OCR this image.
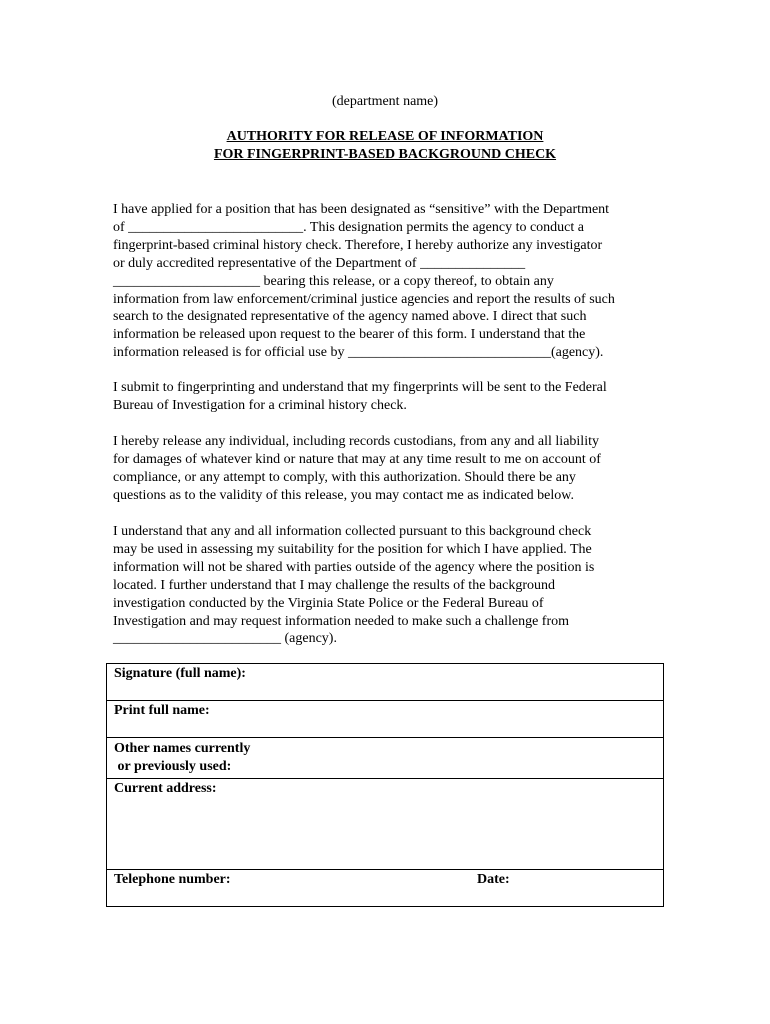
(department name)
AUTHORITY FOR RELEASE OF INFORMATION
FOR FINGERPRINT-BASED BACKGROUND CHECK
I have applied for a position that has been designated as “sensitive” with the Department
of _________________________. This designation permits the agency to conduct a
fingerprint-based criminal history check. Therefore, I hereby authorize any investigator
or duly accredited representative of the Department of _______________
_____________________ bearing this release, or a copy thereof, to obtain any
information from law enforcement/criminal justice agencies and report the results of such
search to the designated representative of the agency named above. I direct that such
information be released upon request to the bearer of this form. I understand that the
information released is for official use by _____________________________(agency).
I submit to fingerprinting and understand that my fingerprints will be sent to the Federal
Bureau of Investigation for a criminal history check.
I hereby release any individual, including records custodians, from any and all liability
for damages of whatever kind or nature that may at any time result to me on account of
compliance, or any attempt to comply, with this authorization. Should there be any
questions as to the validity of this release, you may contact me as indicated below.
I understand that any and all information collected pursuant to this background check
may be used in assessing my suitability for the position for which I have applied. The
information will not be shared with parties outside of the agency where the position is
located. I further understand that I may challenge the results of the background
investigation conducted by the Virginia State Police or the Federal Bureau of
Investigation and may request information needed to make such a challenge from
________________________ (agency).
Signature (full name):
Print full name:

Other names currently
or previously used:

Current address:

Telephone number:	Date:
